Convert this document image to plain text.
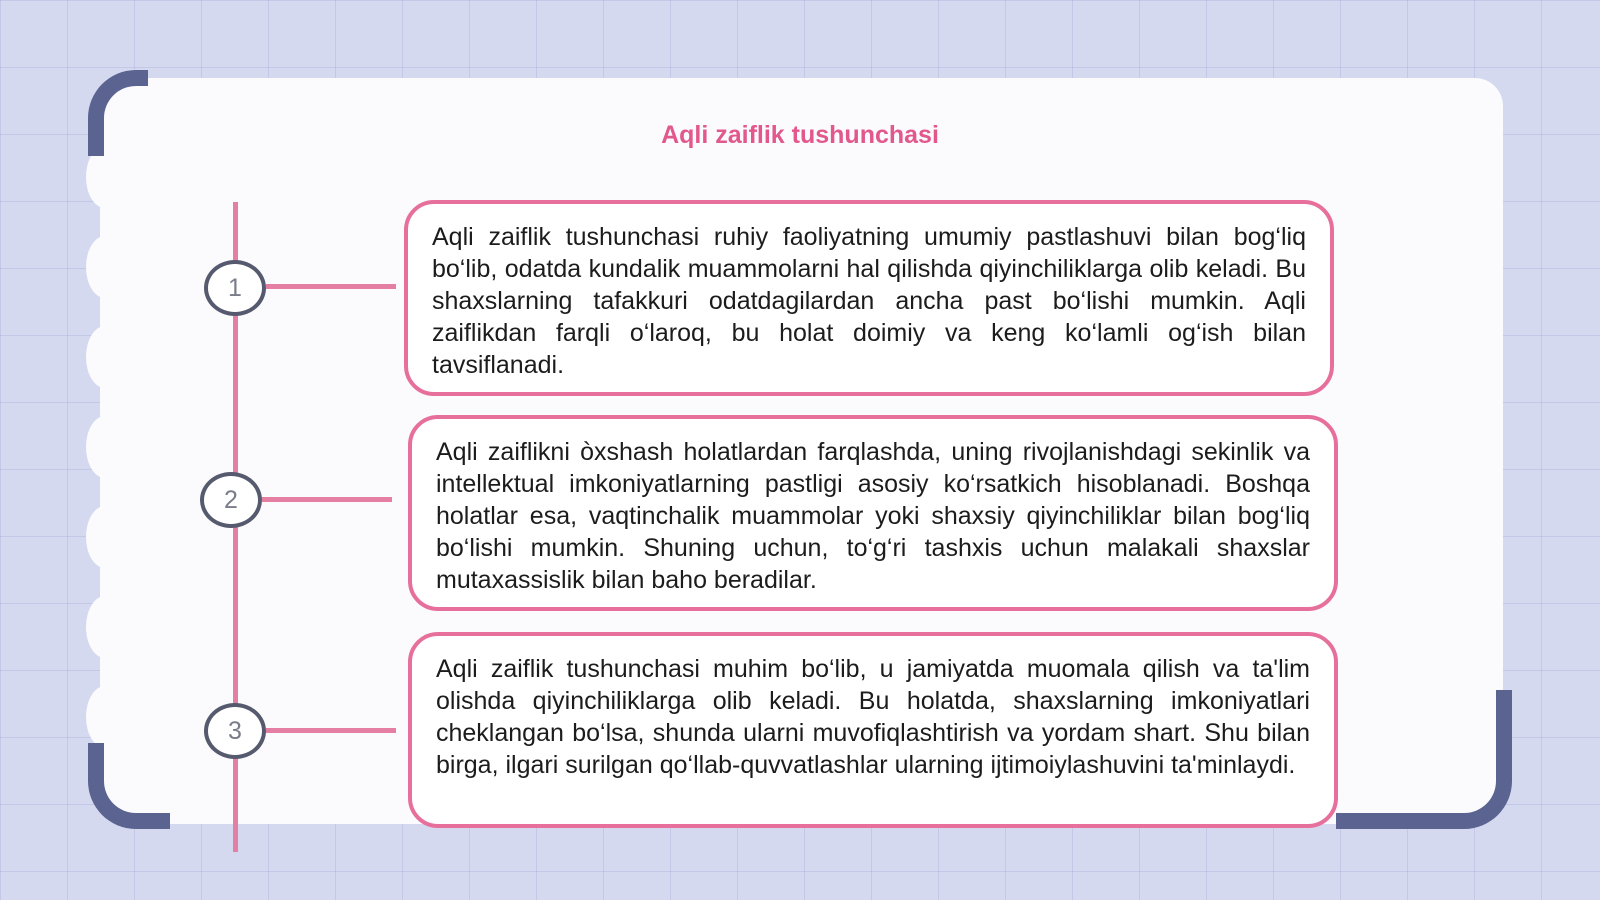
Aqli zaiflik tushunchasi
1
2
3
Aqli zaiflik tushunchasi ruhiy faoliyatning umumiy pastlashuvi bilan bog‘liq bo‘lib, odatda kundalik muammolarni hal qilishda qiyinchiliklarga olib keladi. Bu shaxslarning tafakkuri odatdagilardan ancha past bo‘lishi mumkin. Aqli zaiflikdan farqli o‘laroq, bu holat doimiy va keng ko‘lamli og‘ish bilan tavsiflanadi.
Aqli zaiflikni òxshash holatlardan farqlashda, uning rivojlanishdagi sekinlik va intellektual imkoniyatlarning pastligi asosiy ko‘rsatkich hisoblanadi. Boshqa holatlar esa, vaqtinchalik muammolar yoki shaxsiy qiyinchiliklar bilan bog‘liq bo‘lishi mumkin. Shuning uchun, to‘g‘ri tashxis uchun malakali shaxslar mutaxassislik bilan baho beradilar.
Aqli zaiflik tushunchasi muhim bo‘lib, u jamiyatda muomala qilish va ta'lim olishda qiyinchiliklarga olib keladi. Bu holatda, shaxslarning imkoniyatlari cheklangan bo‘lsa, shunda ularni muvofiqlashtirish va yordam shart. Shu bilan birga, ilgari surilgan qo‘llab-quvvatlashlar ularning ijtimoiylashuvini ta'minlaydi.
